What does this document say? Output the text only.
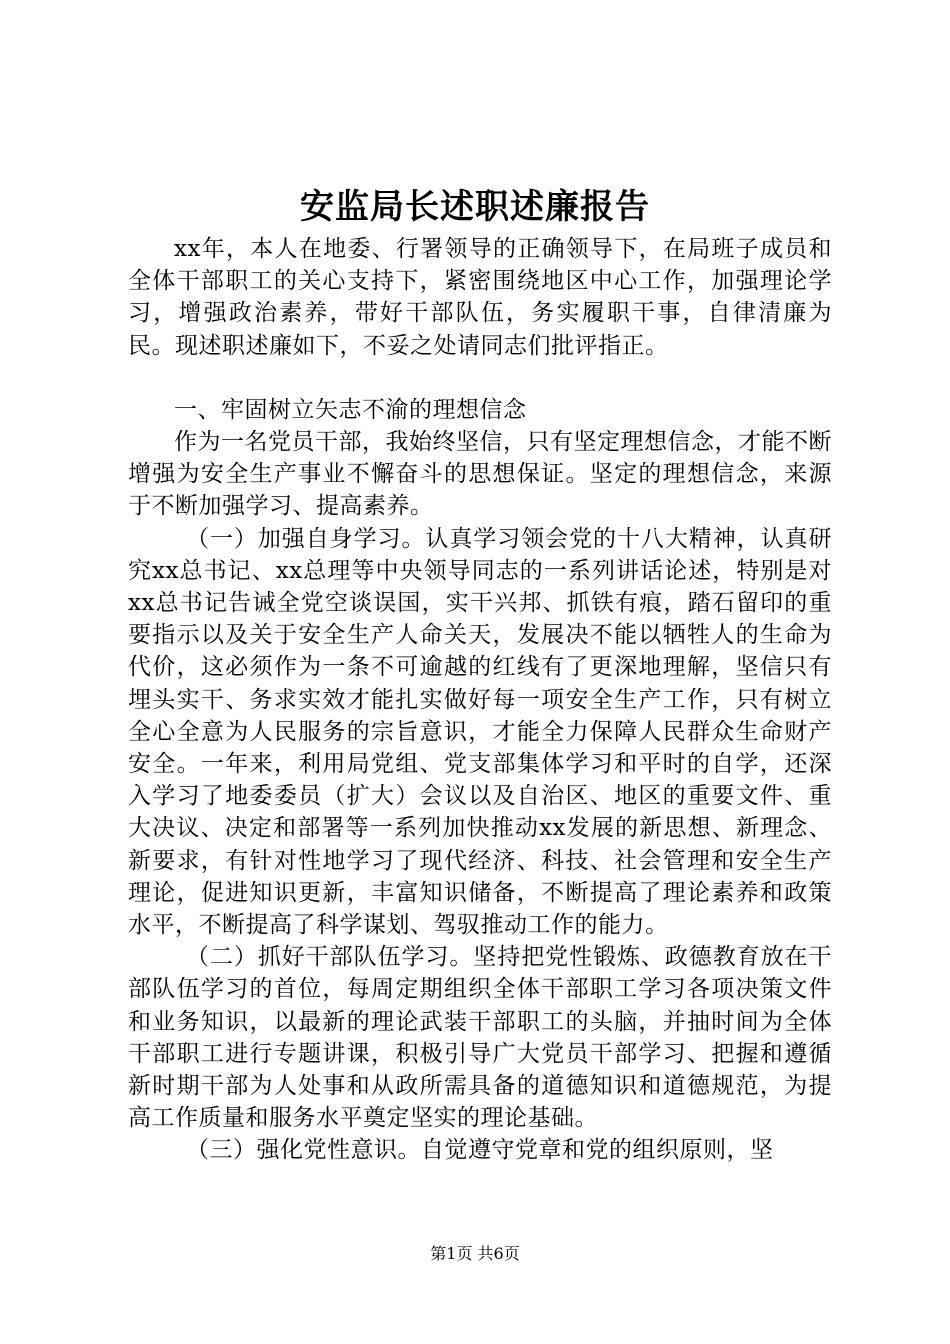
安监局长述职述廉报告

xx年，本人在地委、行署领导的正确领导下，在局班子成员和全体干部职工的关心支持下，紧密围绕地区中心工作，加强理论学习，增强政治素养，带好干部队伍，务实履职干事，自律清廉为民。现述职述廉如下，不妥之处请同志们批评指正。

一、牢固树立矢志不渝的理想信念

作为一名党员干部，我始终坚信，只有坚定理想信念，才能不断增强为安全生产事业不懈奋斗的思想保证。坚定的理想信念，来源于不断加强学习、提高素养。

（一）加强自身学习。认真学习领会党的十八大精神，认真研究xx总书记、xx总理等中央领导同志的一系列讲话论述，特别是对xx总书记告诫全党空谈误国，实干兴邦、抓铁有痕，踏石留印的重要指示以及关于安全生产人命关天，发展决不能以牺牲人的生命为代价，这必须作为一条不可逾越的红线有了更深地理解，坚信只有埋头实干、务求实效才能扎实做好每一项安全生产工作，只有树立全心全意为人民服务的宗旨意识，才能全力保障人民群众生命财产安全。一年来，利用局党组、党支部集体学习和平时的自学，还深入学习了地委委员（扩大）会议以及自治区、地区的重要文件、重大决议、决定和部署等一系列加快推动xx发展的新思想、新理念、新要求，有针对性地学习了现代经济、科技、社会管理和安全生产理论，促进知识更新，丰富知识储备，不断提高了理论素养和政策水平，不断提高了科学谋划、驾驭推动工作的能力。

（二）抓好干部队伍学习。坚持把党性锻炼、政德教育放在干部队伍学习的首位，每周定期组织全体干部职工学习各项决策文件和业务知识，以最新的理论武装干部职工的头脑，并抽时间为全体干部职工进行专题讲课，积极引导广大党员干部学习、把握和遵循新时期干部为人处事和从政所需具备的道德知识和道德规范，为提高工作质量和服务水平奠定坚实的理论基础。

（三）强化党性意识。自觉遵守党章和党的组织原则，坚

第1页 共6页
